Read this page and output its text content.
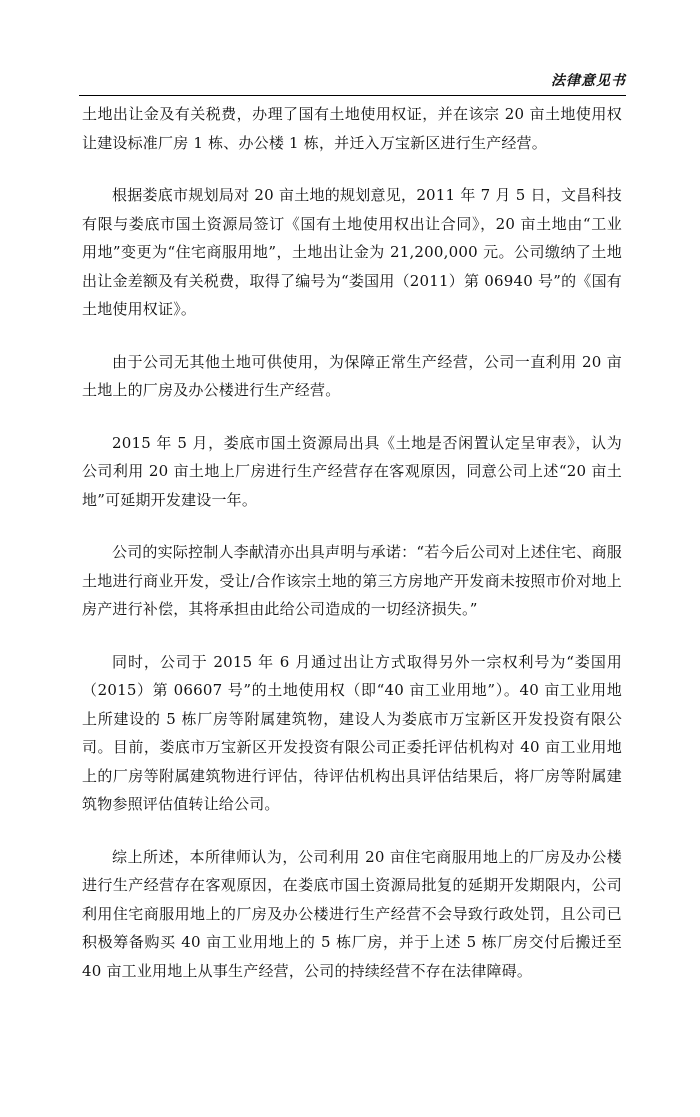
法律意见书

土地出让金及有关税费，办理了国有土地使用权证，并在该宗 20 亩土地使用权让建设标准厂房 1 栋、办公楼 1 栋，并迁入万宝新区进行生产经营。

根据娄底市规划局对 20 亩土地的规划意见，2011 年 7 月 5 日，文昌科技有限与娄底市国土资源局签订《国有土地使用权出让合同》，20 亩土地由“工业用地”变更为“住宅商服用地”，土地出让金为 21,200,000 元。公司缴纳了土地出让金差额及有关税费，取得了编号为“娄国用（2011）第 06940 号”的《国有土地使用权证》。

由于公司无其他土地可供使用，为保障正常生产经营，公司一直利用 20 亩土地上的厂房及办公楼进行生产经营。

2015 年 5 月，娄底市国土资源局出具《土地是否闲置认定呈审表》，认为公司利用 20 亩土地上厂房进行生产经营存在客观原因，同意公司上述“20 亩土地”可延期开发建设一年。

公司的实际控制人李献清亦出具声明与承诺：“若今后公司对上述住宅、商服土地进行商业开发，受让/合作该宗土地的第三方房地产开发商未按照市价对地上房产进行补偿，其将承担由此给公司造成的一切经济损失。”

同时，公司于 2015 年 6 月通过出让方式取得另外一宗权利号为“娄国用（2015）第 06607 号”的土地使用权（即“40 亩工业用地”）。40 亩工业用地上所建设的 5 栋厂房等附属建筑物，建设人为娄底市万宝新区开发投资有限公司。目前，娄底市万宝新区开发投资有限公司正委托评估机构对 40 亩工业用地上的厂房等附属建筑物进行评估，待评估机构出具评估结果后，将厂房等附属建筑物参照评估值转让给公司。

综上所述，本所律师认为，公司利用 20 亩住宅商服用地上的厂房及办公楼进行生产经营存在客观原因，在娄底市国土资源局批复的延期开发期限内，公司利用住宅商服用地上的厂房及办公楼进行生产经营不会导致行政处罚，且公司已积极筹备购买 40 亩工业用地上的 5 栋厂房，并于上述 5 栋厂房交付后搬迁至 40 亩工业用地上从事生产经营，公司的持续经营不存在法律障碍。
